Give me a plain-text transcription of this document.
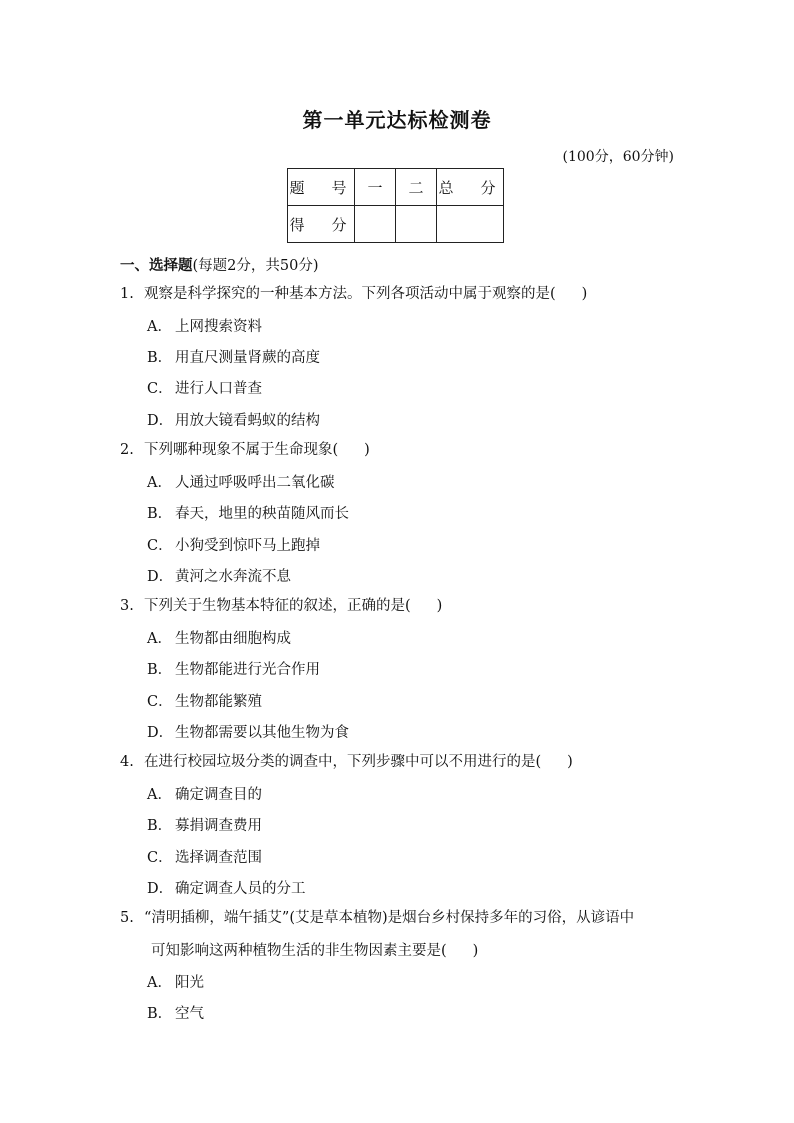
第一单元达标检测卷
(100分，60分钟)
题　号	一	二	总　分
得　分			
一、选择题(每题2分，共50分)
1. 观察是科学探究的一种基本方法。下列各项活动中属于观察的是( )
A． 上网搜索资料
B． 用直尺测量肾蕨的高度
C． 进行人口普查
D． 用放大镜看蚂蚁的结构
2. 下列哪种现象不属于生命现象( )
A． 人通过呼吸呼出二氧化碳
B． 春天，地里的秧苗随风而长
C． 小狗受到惊吓马上跑掉
D． 黄河之水奔流不息
3. 下列关于生物基本特征的叙述，正确的是( )
A． 生物都由细胞构成
B． 生物都能进行光合作用
C． 生物都能繁殖
D． 生物都需要以其他生物为食
4. 在进行校园垃圾分类的调查中，下列步骤中可以不用进行的是( )
A． 确定调查目的
B． 募捐调查费用
C． 选择调查范围
D． 确定调查人员的分工
5. “清明插柳，端午插艾”(艾是草本植物)是烟台乡村保持多年的习俗，从谚语中
可知影响这两种植物生活的非生物因素主要是( )
A． 阳光
B． 空气
